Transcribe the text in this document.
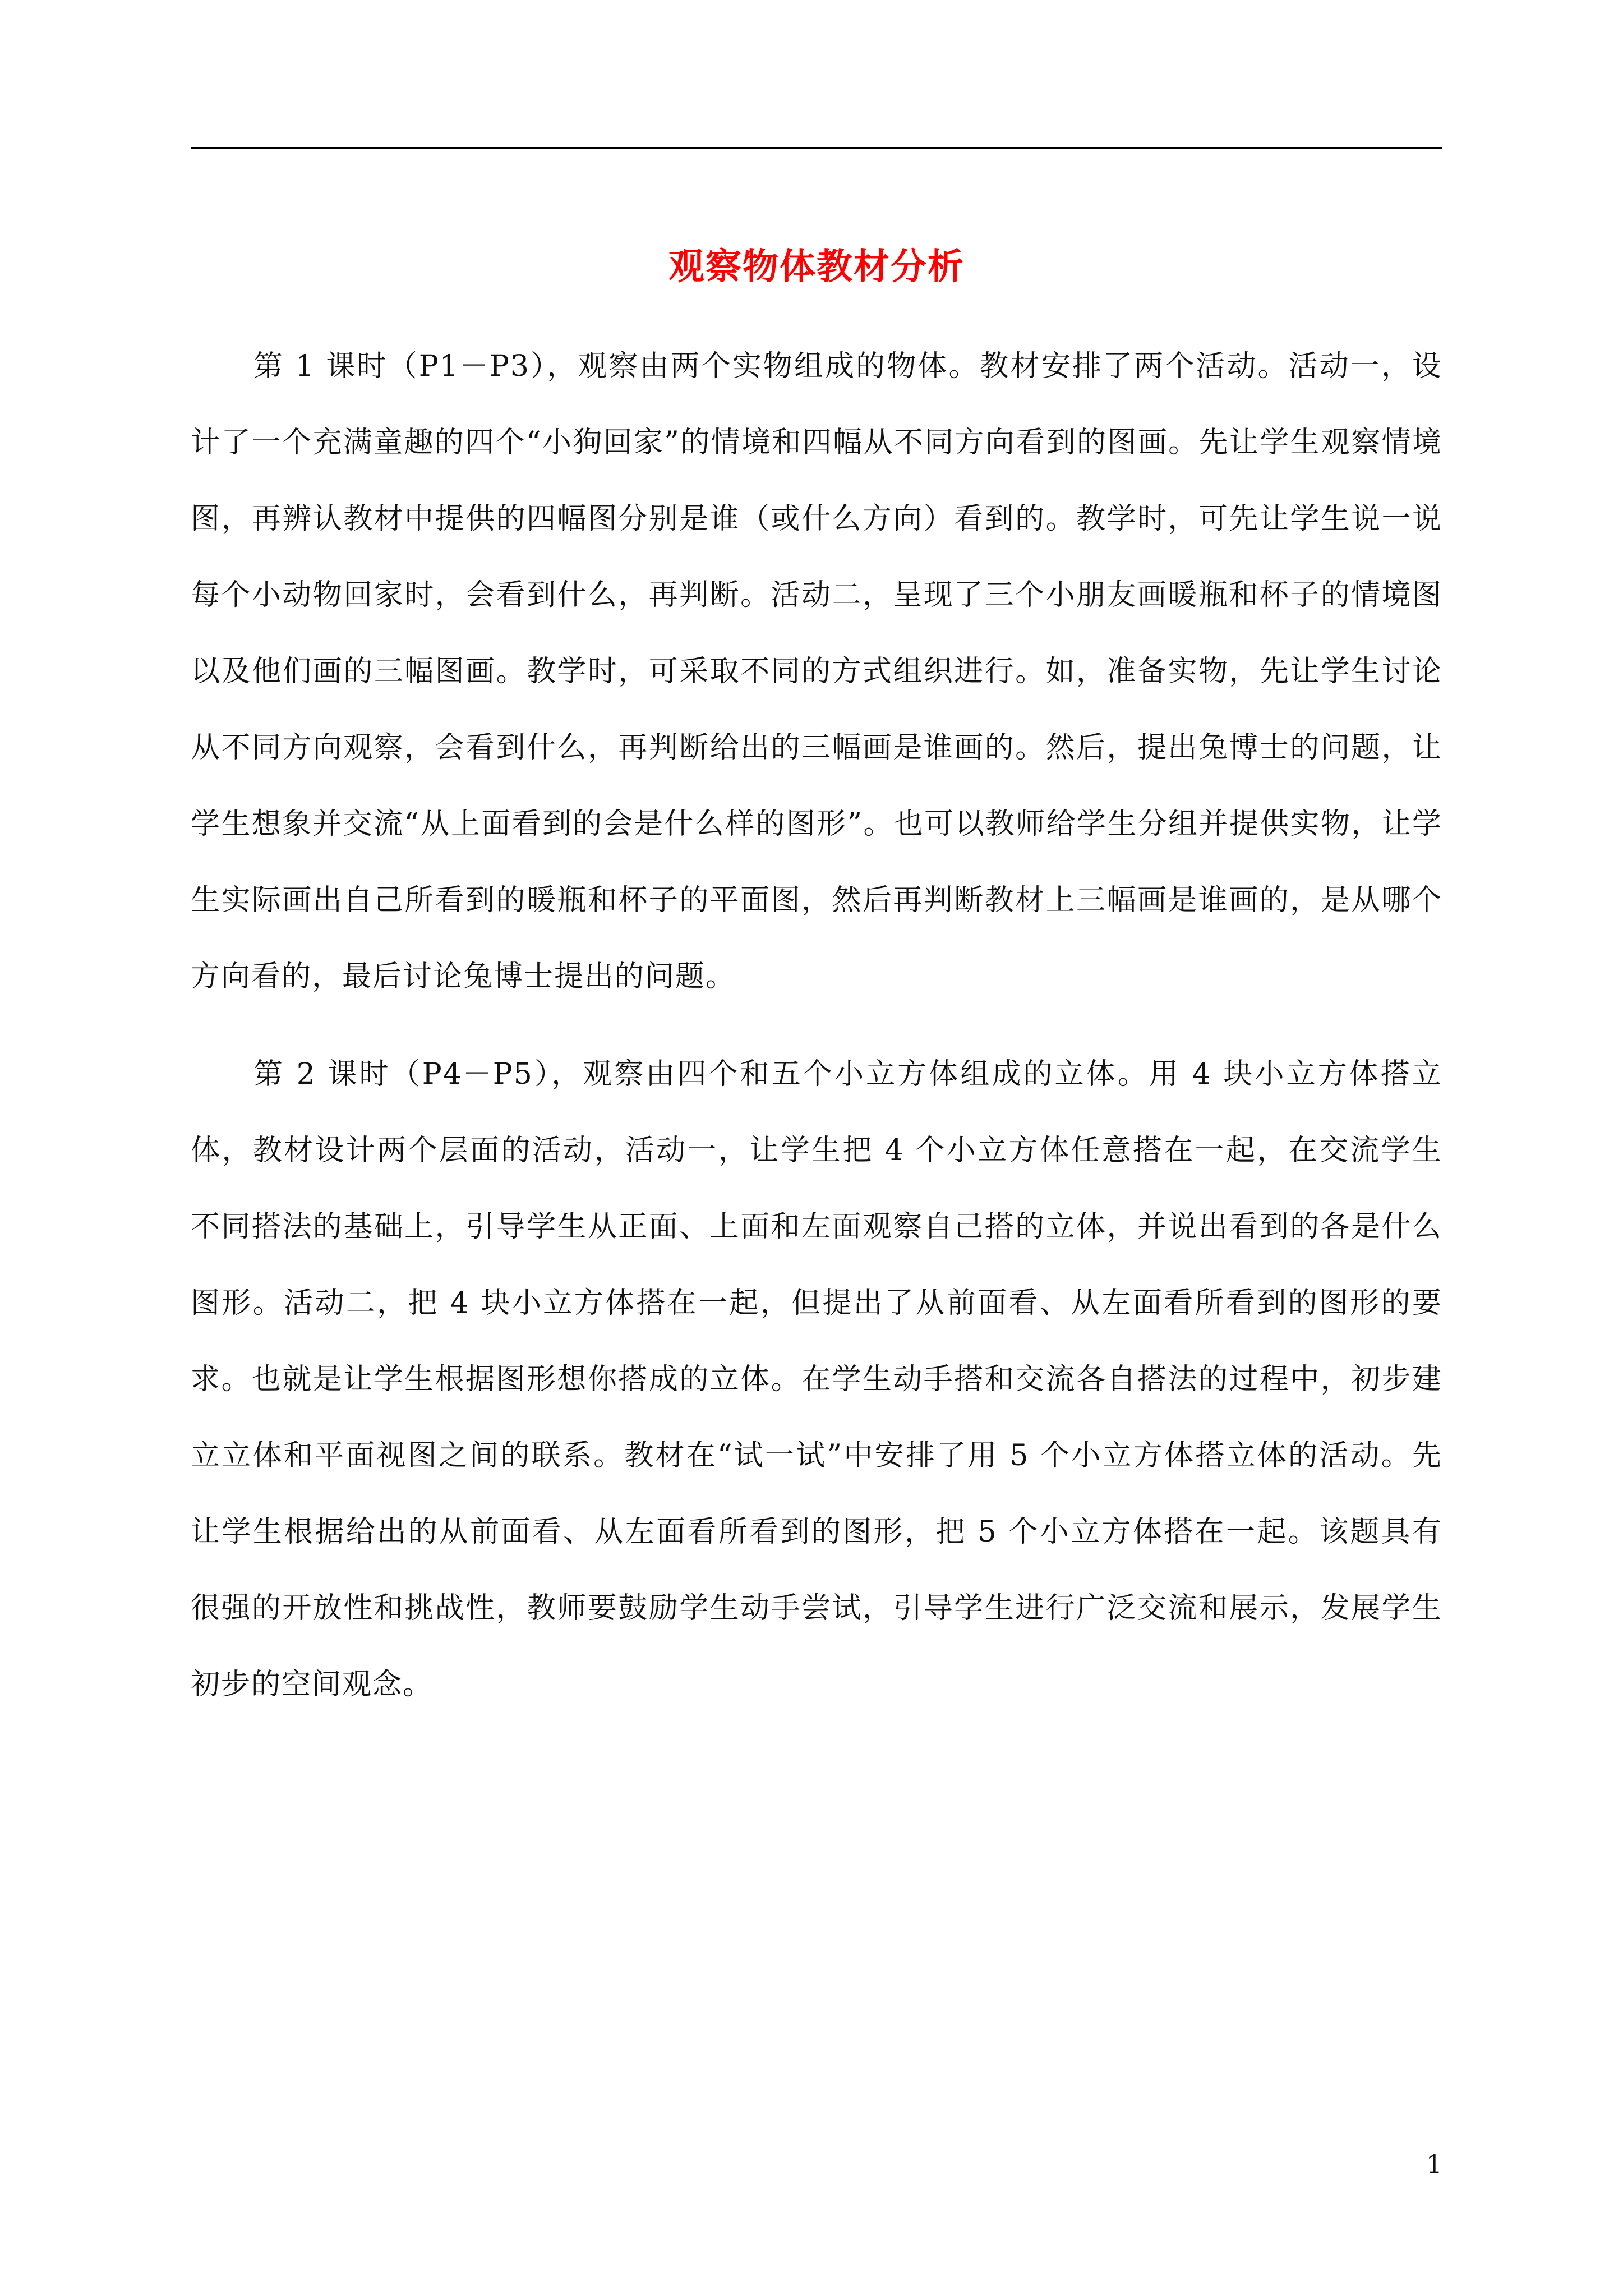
观察物体教材分析

第 1 课时（P1－P3），观察由两个实物组成的物体。教材安排了两个活动。活动一，设计了一个充满童趣的四个“小狗回家”的情境和四幅从不同方向看到的图画。先让学生观察情境图，再辨认教材中提供的四幅图分别是谁（或什么方向）看到的。教学时，可先让学生说一说每个小动物回家时，会看到什么，再判断。活动二，呈现了三个小朋友画暖瓶和杯子的情境图以及他们画的三幅图画。教学时，可采取不同的方式组织进行。如，准备实物，先让学生讨论从不同方向观察，会看到什么，再判断给出的三幅画是谁画的。然后，提出兔博士的问题，让学生想象并交流“从上面看到的会是什么样的图形”。也可以教师给学生分组并提供实物，让学生实际画出自己所看到的暖瓶和杯子的平面图，然后再判断教材上三幅画是谁画的，是从哪个方向看的，最后讨论兔博士提出的问题。

第 2 课时（P4－P5），观察由四个和五个小立方体组成的立体。用 4 块小立方体搭立体，教材设计两个层面的活动，活动一，让学生把 4 个小立方体任意搭在一起，在交流学生不同搭法的基础上，引导学生从正面、上面和左面观察自己搭的立体，并说出看到的各是什么图形。活动二，把 4 块小立方体搭在一起，但提出了从前面看、从左面看所看到的图形的要求。也就是让学生根据图形想你搭成的立体。在学生动手搭和交流各自搭法的过程中，初步建立立体和平面视图之间的联系。教材在“试一试”中安排了用 5 个小立方体搭立体的活动。先让学生根据给出的从前面看、从左面看所看到的图形，把 5 个小立方体搭在一起。该题具有很强的开放性和挑战性，教师要鼓励学生动手尝试，引导学生进行广泛交流和展示，发展学生初步的空间观念。

1
